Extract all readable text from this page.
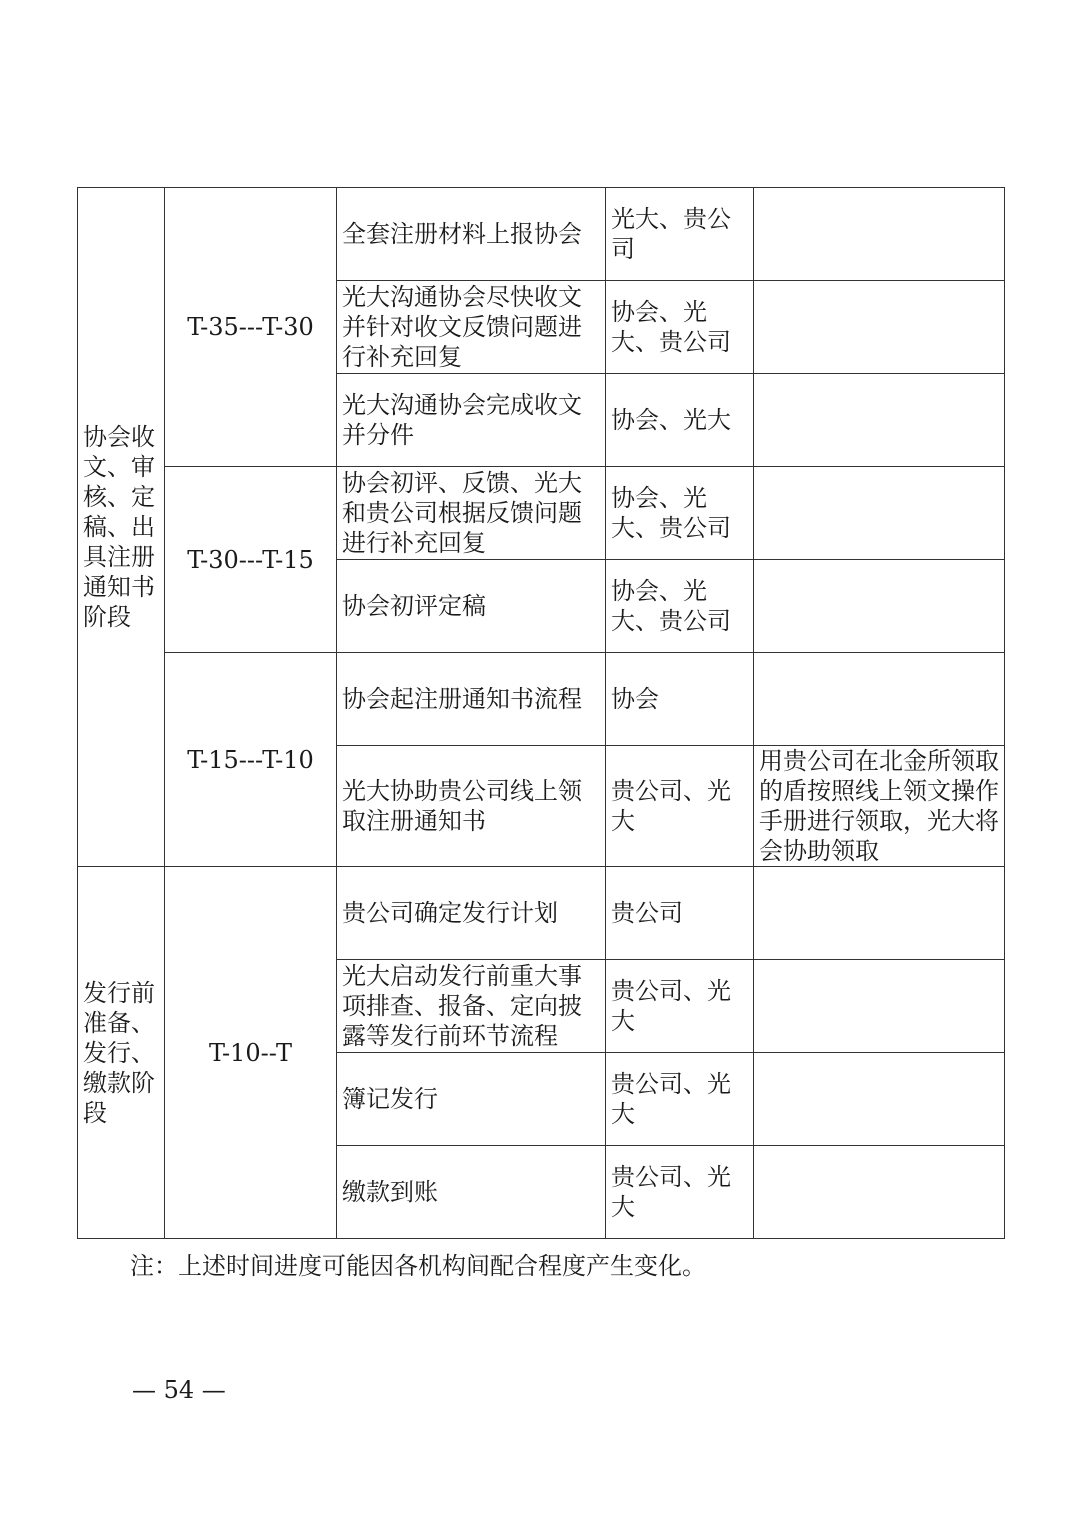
协会收文、审核、定稿、出具注册通知书阶段	T-35---T-30	全套注册材料上报协会	光大、贵公司	
		光大沟通协会尽快收文并针对收文反馈问题进行补充回复	协会、光大、贵公司	
		光大沟通协会完成收文并分件	协会、光大	
	T-30---T-15	协会初评、反馈、光大和贵公司根据反馈问题进行补充回复	协会、光大、贵公司	
		协会初评定稿	协会、光大、贵公司	
	T-15---T-10	协会起注册通知书流程	协会	
		光大协助贵公司线上领取注册通知书	贵公司、光大	用贵公司在北金所领取的盾按照线上领文操作手册进行领取，光大将会协助领取
发行前准备、发行、缴款阶段	T-10--T	贵公司确定发行计划	贵公司	
		光大启动发行前重大事项排查、报备、定向披露等发行前环节流程	贵公司、光大	
		簿记发行	贵公司、光大	
		缴款到账	贵公司、光大	
注：上述时间进度可能因各机构间配合程度产生变化。
— 54 —
